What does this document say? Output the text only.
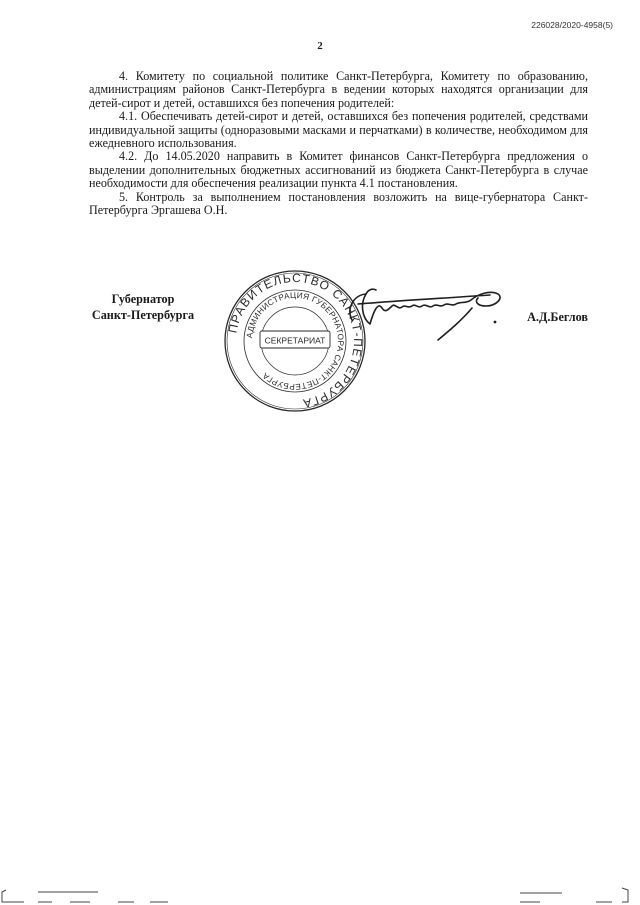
226028/2020-4958(5)
2

4. Комитету по социальной политике Санкт-Петербурга, Комитету по образованию, администрациям районов Санкт-Петербурга в ведении которых находятся организации для детей-сирот и детей, оставшихся без попечения родителей:

4.1. Обеспечивать детей-сирот и детей, оставшихся без попечения родителей, средствами индивидуальной защиты (одноразовыми масками и перчатками) в количестве, необходимом для ежедневного использования.

4.2. До 14.05.2020 направить в Комитет финансов Санкт-Петербурга предложения о выделении дополнительных бюджетных ассигнований из бюджета Санкт-Петербурга в случае необходимости для обеспечения реализации пункта 4.1 постановления.

5. Контроль за выполнением постановления возложить на вице-губернатора Санкт-Петербурга Эргашева О.Н.

Губернатор
Санкт-Петербурга
ПРАВИТЕЛЬСТВО САНКТ-ПЕТЕРБУРГА
АДМИНИСТРАЦИЯ ГУБЕРНАТОРА САНКТ-ПЕТЕРБУРГА
СЕКРЕТАРИАТ
А.Д.Беглов
